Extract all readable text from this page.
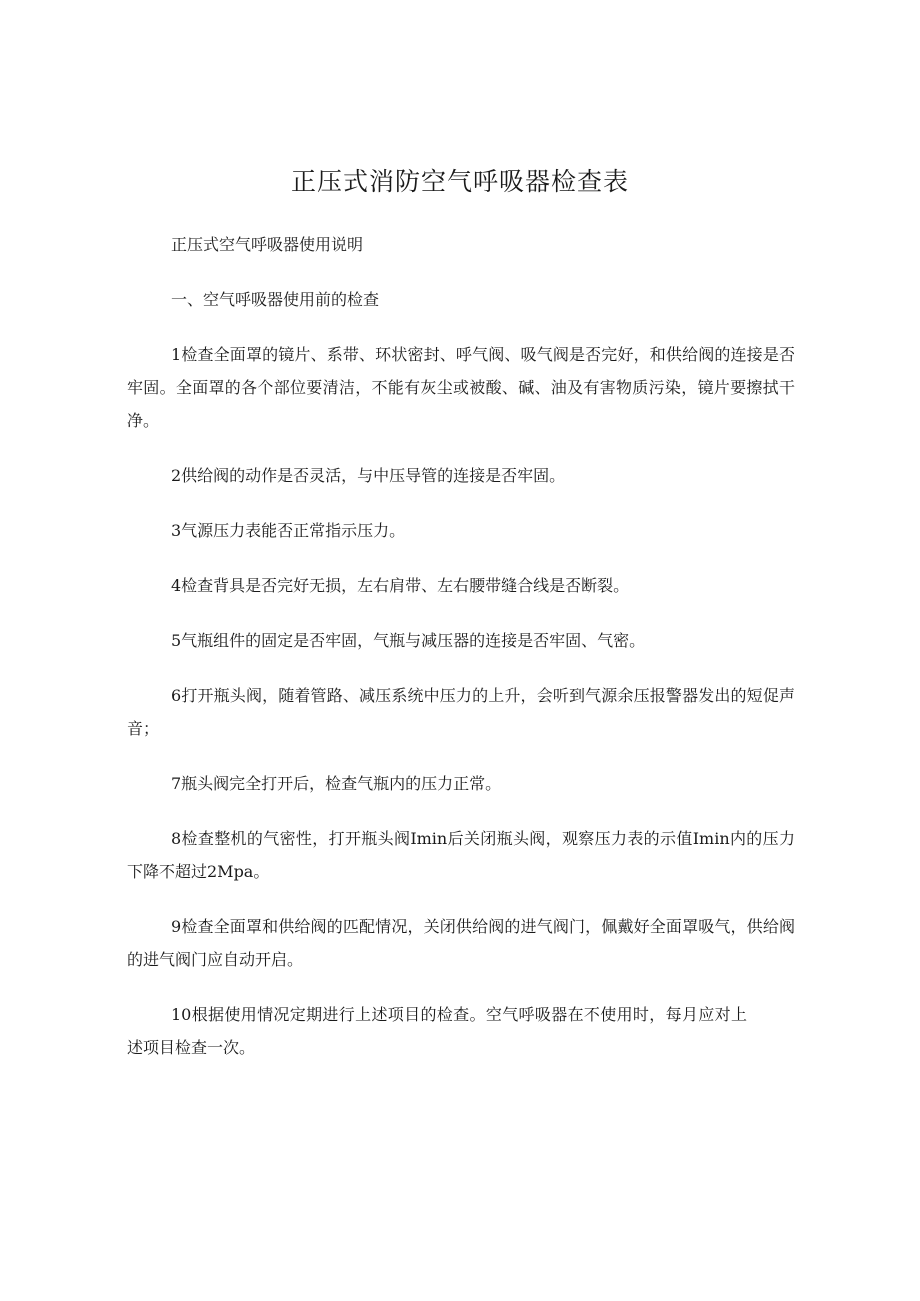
正压式消防空气呼吸器检查表

正压式空气呼吸器使用说明

一、空气呼吸器使用前的检查

1检查全面罩的镜片、系带、环状密封、呼气阀、吸气阀是否完好，和供给阀的连接是否牢固。全面罩的各个部位要清洁，不能有灰尘或被酸、碱、油及有害物质污染，镜片要擦拭干净。

2供给阀的动作是否灵活，与中压导管的连接是否牢固。

3气源压力表能否正常指示压力。

4检查背具是否完好无损，左右肩带、左右腰带缝合线是否断裂。

5气瓶组件的固定是否牢固，气瓶与减压器的连接是否牢固、气密。

6打开瓶头阀，随着管路、减压系统中压力的上升，会听到气源余压报警器发出的短促声音；

7瓶头阀完全打开后，检查气瓶内的压力正常。

8检查整机的气密性，打开瓶头阀Imin后关闭瓶头阀，观察压力表的示值Imin内的压力下降不超过2Mpa。

9检查全面罩和供给阀的匹配情况，关闭供给阀的进气阀门，佩戴好全面罩吸气，供给阀的进气阀门应自动开启。

10根据使用情况定期进行上述项目的检查。空气呼吸器在不使用时，每月应对上述项目检查一次。
